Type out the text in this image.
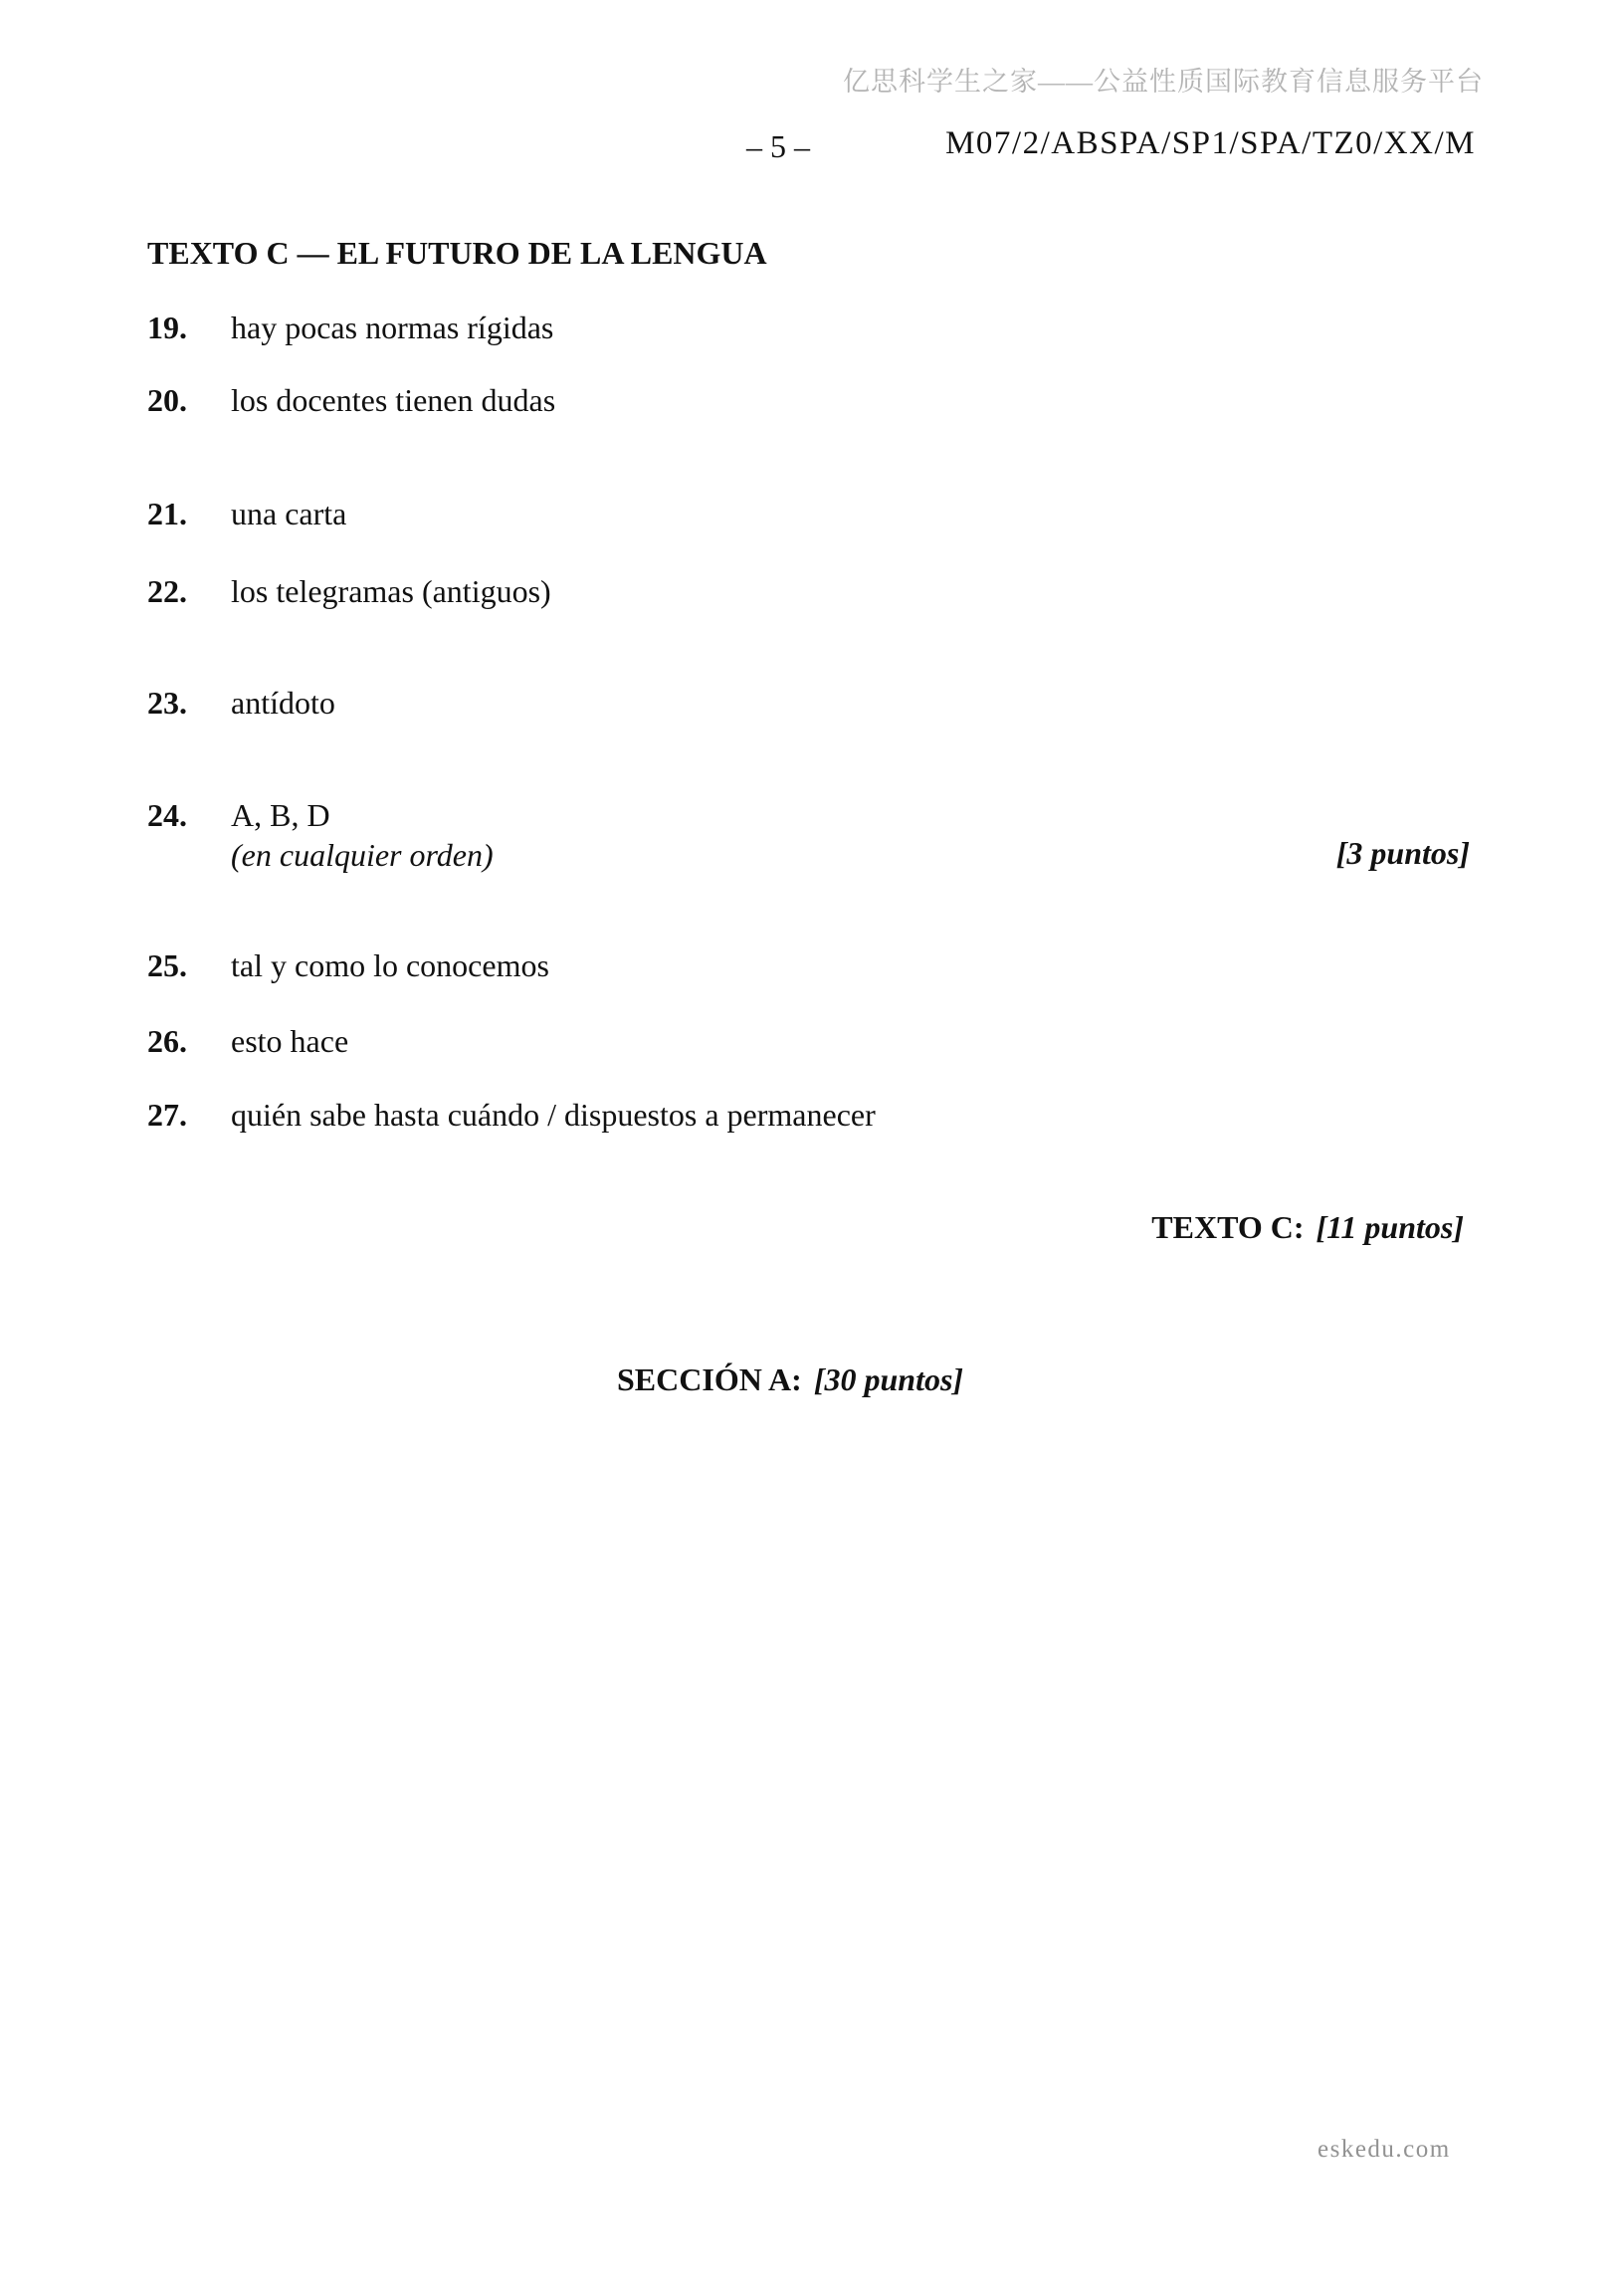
亿思科学生之家——公益性质国际教育信息服务平台
– 5 –	M07/2/ABSPA/SP1/SPA/TZ0/XX/M
TEXTO C — EL FUTURO DE LA LENGUA
19. hay pocas normas rígidas
20. los docentes tienen dudas
21. una carta
22. los telegramas (antiguos)
23. antídoto
24. A, B, D
(en cualquier orden)	[3 puntos]
25. tal y como lo conocemos
26. esto hace
27. quién sabe hasta cuándo / dispuestos a permanecer
TEXTO C: [11 puntos]
SECCIÓN A: [30 puntos]
eskedu.com
